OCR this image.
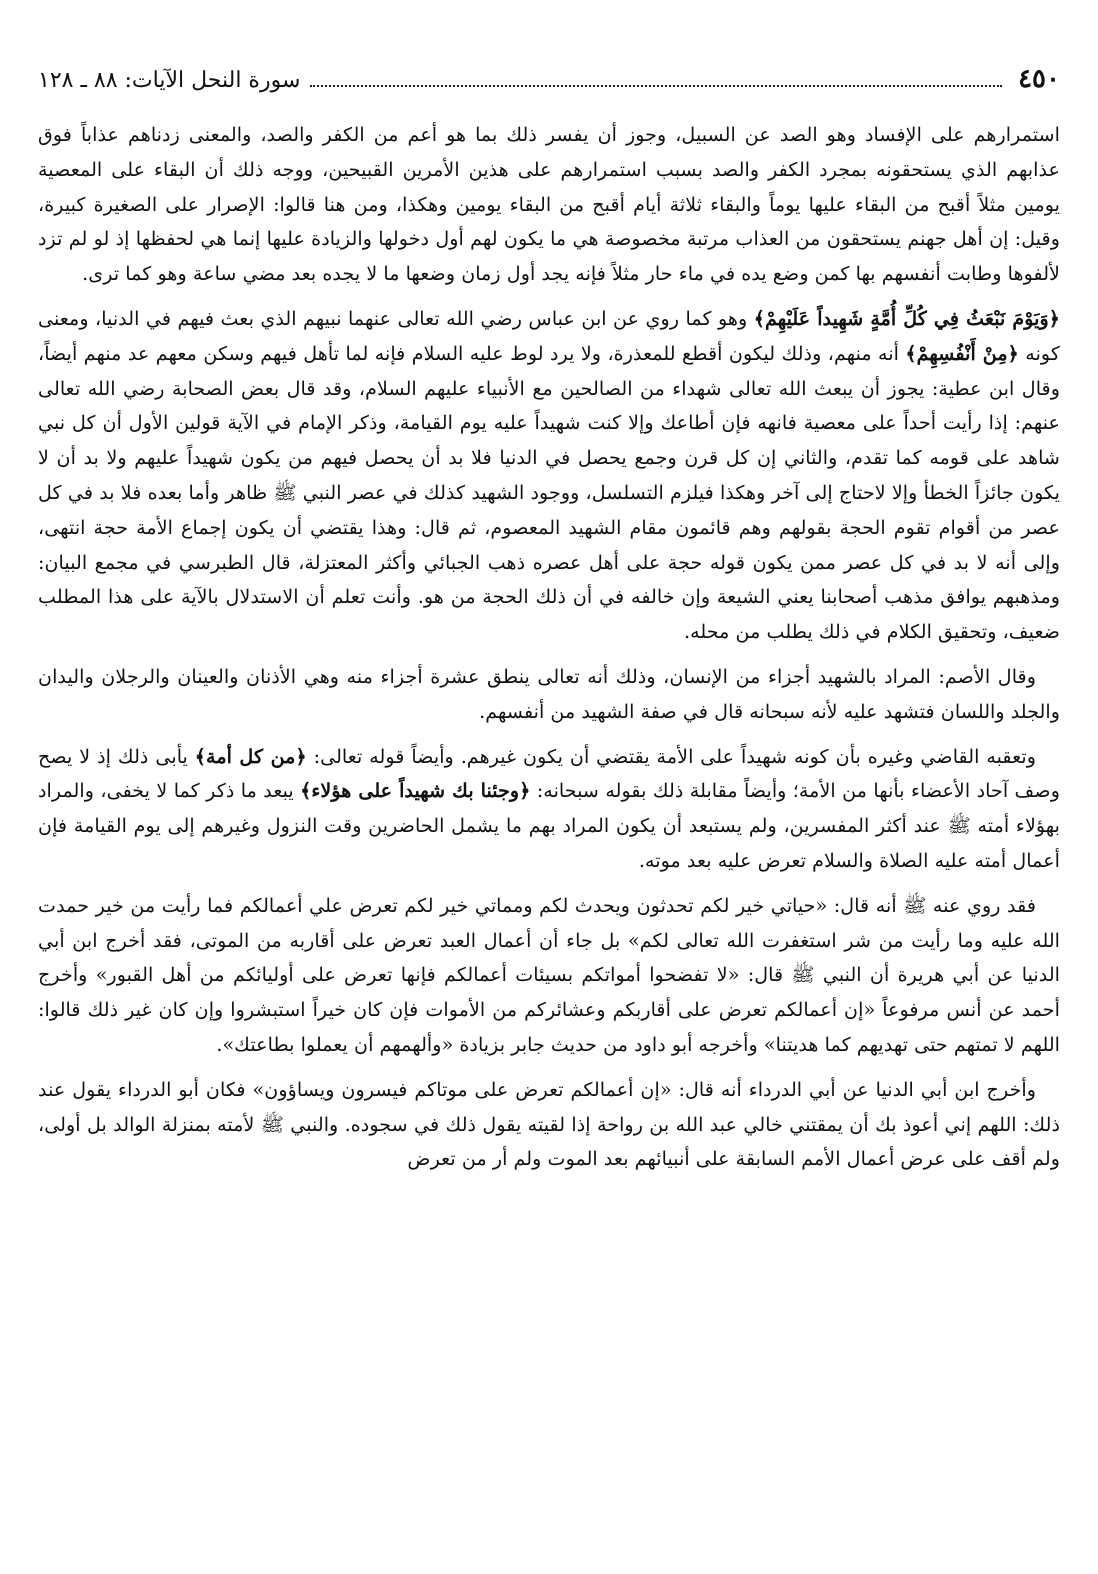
٤٥٠
سورة النحل الآيات: ٨٨ ـ ١٢٨

استمرارهم على الإفساد وهو الصد عن السبيل، وجوز أن يفسر ذلك بما هو أعم من الكفر والصد، والمعنى زدناهم عذاباً فوق عذابهم الذي يستحقونه بمجرد الكفر والصد بسبب استمرارهم على هذين الأمرين القبيحين، ووجه ذلك أن البقاء على المعصية يومين مثلاً أقبح من البقاء عليها يوماً والبقاء ثلاثة أيام أقبح من البقاء يومين وهكذا، ومن هنا قالوا: الإصرار على الصغيرة كبيرة، وقيل: إن أهل جهنم يستحقون من العذاب مرتبة مخصوصة هي ما يكون لهم أول دخولها والزيادة عليها إنما هي لحفظها إذ لو لم تزد لألفوها وطابت أنفسهم بها كمن وضع يده في ماء حار مثلاً فإنه يجد أول زمان وضعها ما لا يجده بعد مضي ساعة وهو كما ترى.

﴿وَيَوْمَ نَبْعَثُ فِي كُلِّ أُمَّةٍ شَهِيداً عَلَيْهِمْ﴾ وهو كما روي عن ابن عباس رضي الله تعالى عنهما نبيهم الذي بعث فيهم في الدنيا، ومعنى كونه ﴿مِنْ أَنْفُسِهِمْ﴾ أنه منهم، وذلك ليكون أقطع للمعذرة، ولا يرد لوط عليه السلام فإنه لما تأهل فيهم وسكن معهم عد منهم أيضاً، وقال ابن عطية: يجوز أن يبعث الله تعالى شهداء من الصالحين مع الأنبياء عليهم السلام، وقد قال بعض الصحابة رضي الله تعالى عنهم: إذا رأيت أحداً على معصية فانهه فإن أطاعك وإلا كنت شهيداً عليه يوم القيامة، وذكر الإمام في الآية قولين الأول أن كل نبي شاهد على قومه كما تقدم، والثاني إن كل قرن وجمع يحصل في الدنيا فلا بد أن يحصل فيهم من يكون شهيداً عليهم ولا بد أن لا يكون جائزاً الخطأ وإلا لاحتاج إلى آخر وهكذا فيلزم التسلسل، ووجود الشهيد كذلك في عصر النبي ﷺ ظاهر وأما بعده فلا بد في كل عصر من أقوام تقوم الحجة بقولهم وهم قائمون مقام الشهيد المعصوم، ثم قال: وهذا يقتضي أن يكون إجماع الأمة حجة انتهى، وإلى أنه لا بد في كل عصر ممن يكون قوله حجة على أهل عصره ذهب الجبائي وأكثر المعتزلة، قال الطبرسي في مجمع البيان: ومذهبهم يوافق مذهب أصحابنا يعني الشيعة وإن خالفه في أن ذلك الحجة من هو. وأنت تعلم أن الاستدلال بالآية على هذا المطلب ضعيف، وتحقيق الكلام في ذلك يطلب من محله.

وقال الأصم: المراد بالشهيد أجزاء من الإنسان، وذلك أنه تعالى ينطق عشرة أجزاء منه وهي الأذنان والعينان والرجلان واليدان والجلد واللسان فتشهد عليه لأنه سبحانه قال في صفة الشهيد من أنفسهم.

وتعقبه القاضي وغيره بأن كونه شهيداً على الأمة يقتضي أن يكون غيرهم. وأيضاً قوله تعالى: ﴿من كل أمة﴾ يأبى ذلك إذ لا يصح وصف آحاد الأعضاء بأنها من الأمة؛ وأيضاً مقابلة ذلك بقوله سبحانه: ﴿وجئنا بك شهيداً على هؤلاء﴾ يبعد ما ذكر كما لا يخفى، والمراد بهؤلاء أمته ﷺ عند أكثر المفسرين، ولم يستبعد أن يكون المراد بهم ما يشمل الحاضرين وقت النزول وغيرهم إلى يوم القيامة فإن أعمال أمته عليه الصلاة والسلام تعرض عليه بعد موته.

فقد روي عنه ﷺ أنه قال: «حياتي خير لكم تحدثون ويحدث لكم ومماتي خير لكم تعرض علي أعمالكم فما رأيت من خير حمدت الله عليه وما رأيت من شر استغفرت الله تعالى لكم» بل جاء أن أعمال العبد تعرض على أقاربه من الموتى، فقد أخرج ابن أبي الدنيا عن أبي هريرة أن النبي ﷺ قال: «لا تفضحوا أمواتكم بسيئات أعمالكم فإنها تعرض على أوليائكم من أهل القبور» وأخرج أحمد عن أنس مرفوعاً «إن أعمالكم تعرض على أقاربكم وعشائركم من الأموات فإن كان خيراً استبشروا وإن كان غير ذلك قالوا: اللهم لا تمتهم حتى تهديهم كما هديتنا» وأخرجه أبو داود من حديث جابر بزيادة «وألهمهم أن يعملوا بطاعتك».

وأخرج ابن أبي الدنيا عن أبي الدرداء أنه قال: «إن أعمالكم تعرض على موتاكم فيسرون ويساؤون» فكان أبو الدرداء يقول عند ذلك: اللهم إني أعوذ بك أن يمقتني خالي عبد الله بن رواحة إذا لقيته يقول ذلك في سجوده. والنبي ﷺ لأمته بمنزلة الوالد بل أولى، ولم أقف على عرض أعمال الأمم السابقة على أنبيائهم بعد الموت ولم أر من تعرض
